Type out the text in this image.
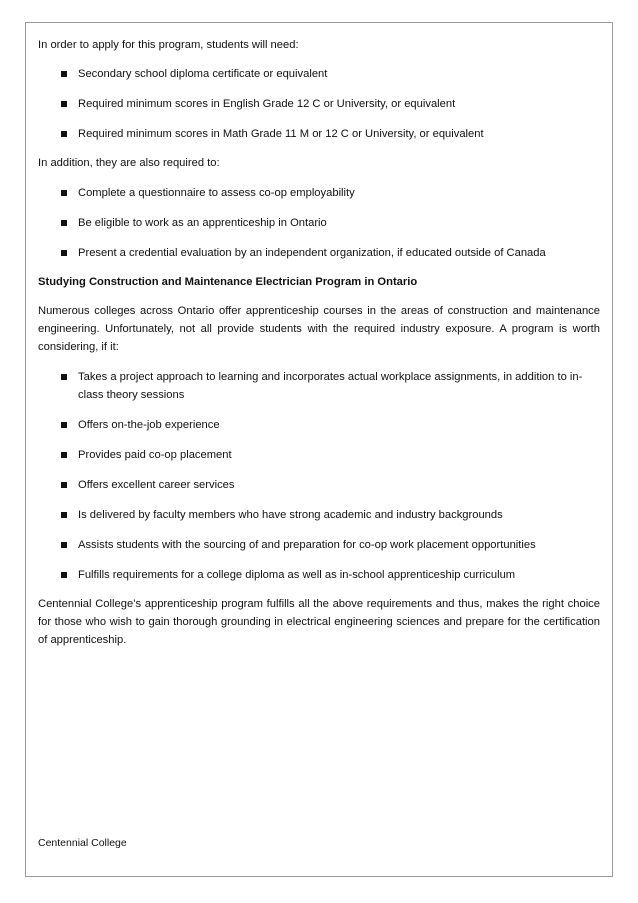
In order to apply for this program, students will need:

Secondary school diploma certificate or equivalent
Required minimum scores in English Grade 12 C or University, or equivalent
Required minimum scores in Math Grade 11 M or 12 C or University, or equivalent

In addition, they are also required to:

Complete a questionnaire to assess co-op employability
Be eligible to work as an apprenticeship in Ontario
Present a credential evaluation by an independent organization, if educated outside of Canada

Studying Construction and Maintenance Electrician Program in Ontario

Numerous colleges across Ontario offer apprenticeship courses in the areas of construction and maintenance engineering. Unfortunately, not all provide students with the required industry exposure. A program is worth considering, if it:

Takes a project approach to learning and incorporates actual workplace assignments, in addition to in-class theory sessions
Offers on-the-job experience
Provides paid co-op placement
Offers excellent career services
Is delivered by faculty members who have strong academic and industry backgrounds
Assists students with the sourcing of and preparation for co-op work placement opportunities
Fulfills requirements for a college diploma as well as in-school apprenticeship curriculum

Centennial College’s apprenticeship program fulfills all the above requirements and thus, makes the right choice for those who wish to gain thorough grounding in electrical engineering sciences and prepare for the certification of apprenticeship.

Centennial College
